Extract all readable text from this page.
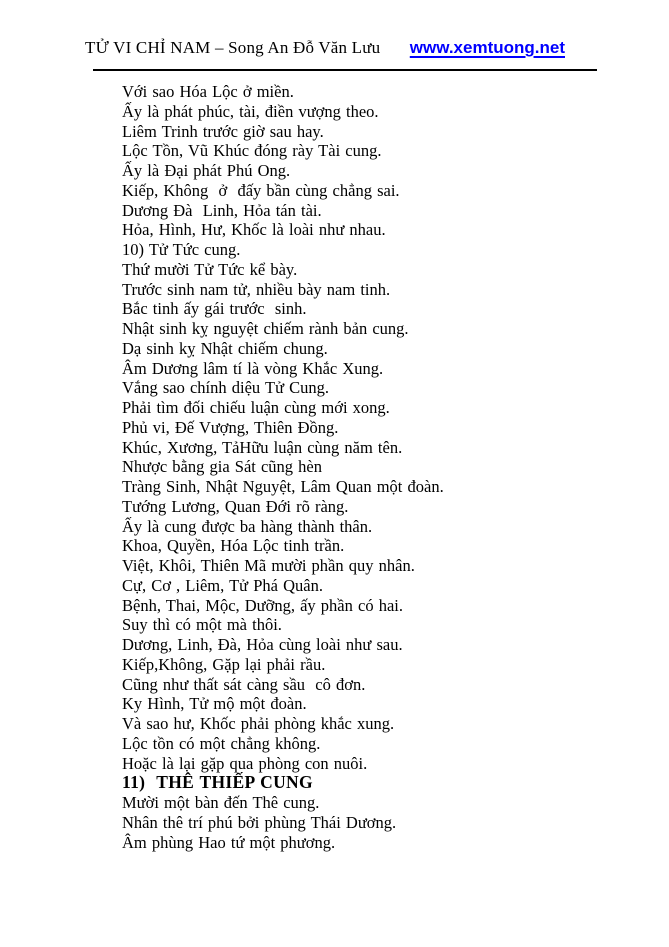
TỬ VI CHỈ NAM – Song An Đỗ Văn Lưu www.xemtuong.net
Với sao Hóa Lộc ở miền.
Ấy là phát phúc, tài, điền vượng theo.
Liêm Trinh trước giờ sau hay.
Lộc Tồn, Vũ Khúc đóng rày Tài cung.
Ấy là Đại phát Phú Ong.
Kiếp, Không  ở  đấy bần cùng chẳng sai.
Dương Đà  Linh, Hỏa tán tài.
Hỏa, Hình, Hư, Khốc là loài như nhau.
10) Tử Tức cung.
Thứ mười Tử Tức kể bày.
Trước sinh nam tử, nhiều bày nam tinh.
Bắc tinh ấy gái trước  sinh.
Nhật sinh kỵ nguyệt chiếm rành bản cung.
Dạ sinh kỵ Nhật chiếm chung.
Âm Dương lâm tí là vòng Khắc Xung.
Vắng sao chính diệu Tử Cung.
Phải tìm đối chiếu luận cùng mới xong.
Phủ vi, Đế Vượng, Thiên Đồng.
Khúc, Xương, TảHữu luận cùng năm tên.
Nhược bằng gia Sát cũng hèn
Tràng Sinh, Nhật Nguyệt, Lâm Quan một đoàn.
Tướng Lương, Quan Đới rõ ràng.
Ấy là cung được ba hàng thành thân.
Khoa, Quyền, Hóa Lộc tinh trần.
Việt, Khôi, Thiên Mã mười phần quy nhân.
Cự, Cơ , Liêm, Tử Phá Quân.
Bệnh, Thai, Mộc, Dưỡng, ấy phần có hai.
Suy thì có một mà thôi.
Dương, Linh, Đà, Hỏa cùng loài như sau.
Kiếp,Không, Gặp lại phải rầu.
Cũng như thất sát càng sầu  cô đơn.
Ky Hình, Tử mộ một đoàn.
Và sao hư, Khốc phải phòng khắc xung.
Lộc tồn có một chẳng không.
Hoặc là lại gặp qua phòng con nuôi.
11)  THÊ THIẾP CUNG
Mười một bàn đến Thê cung.
Nhân thê trí phú bởi phùng Thái Dương.
Âm phùng Hao tứ một phương.
